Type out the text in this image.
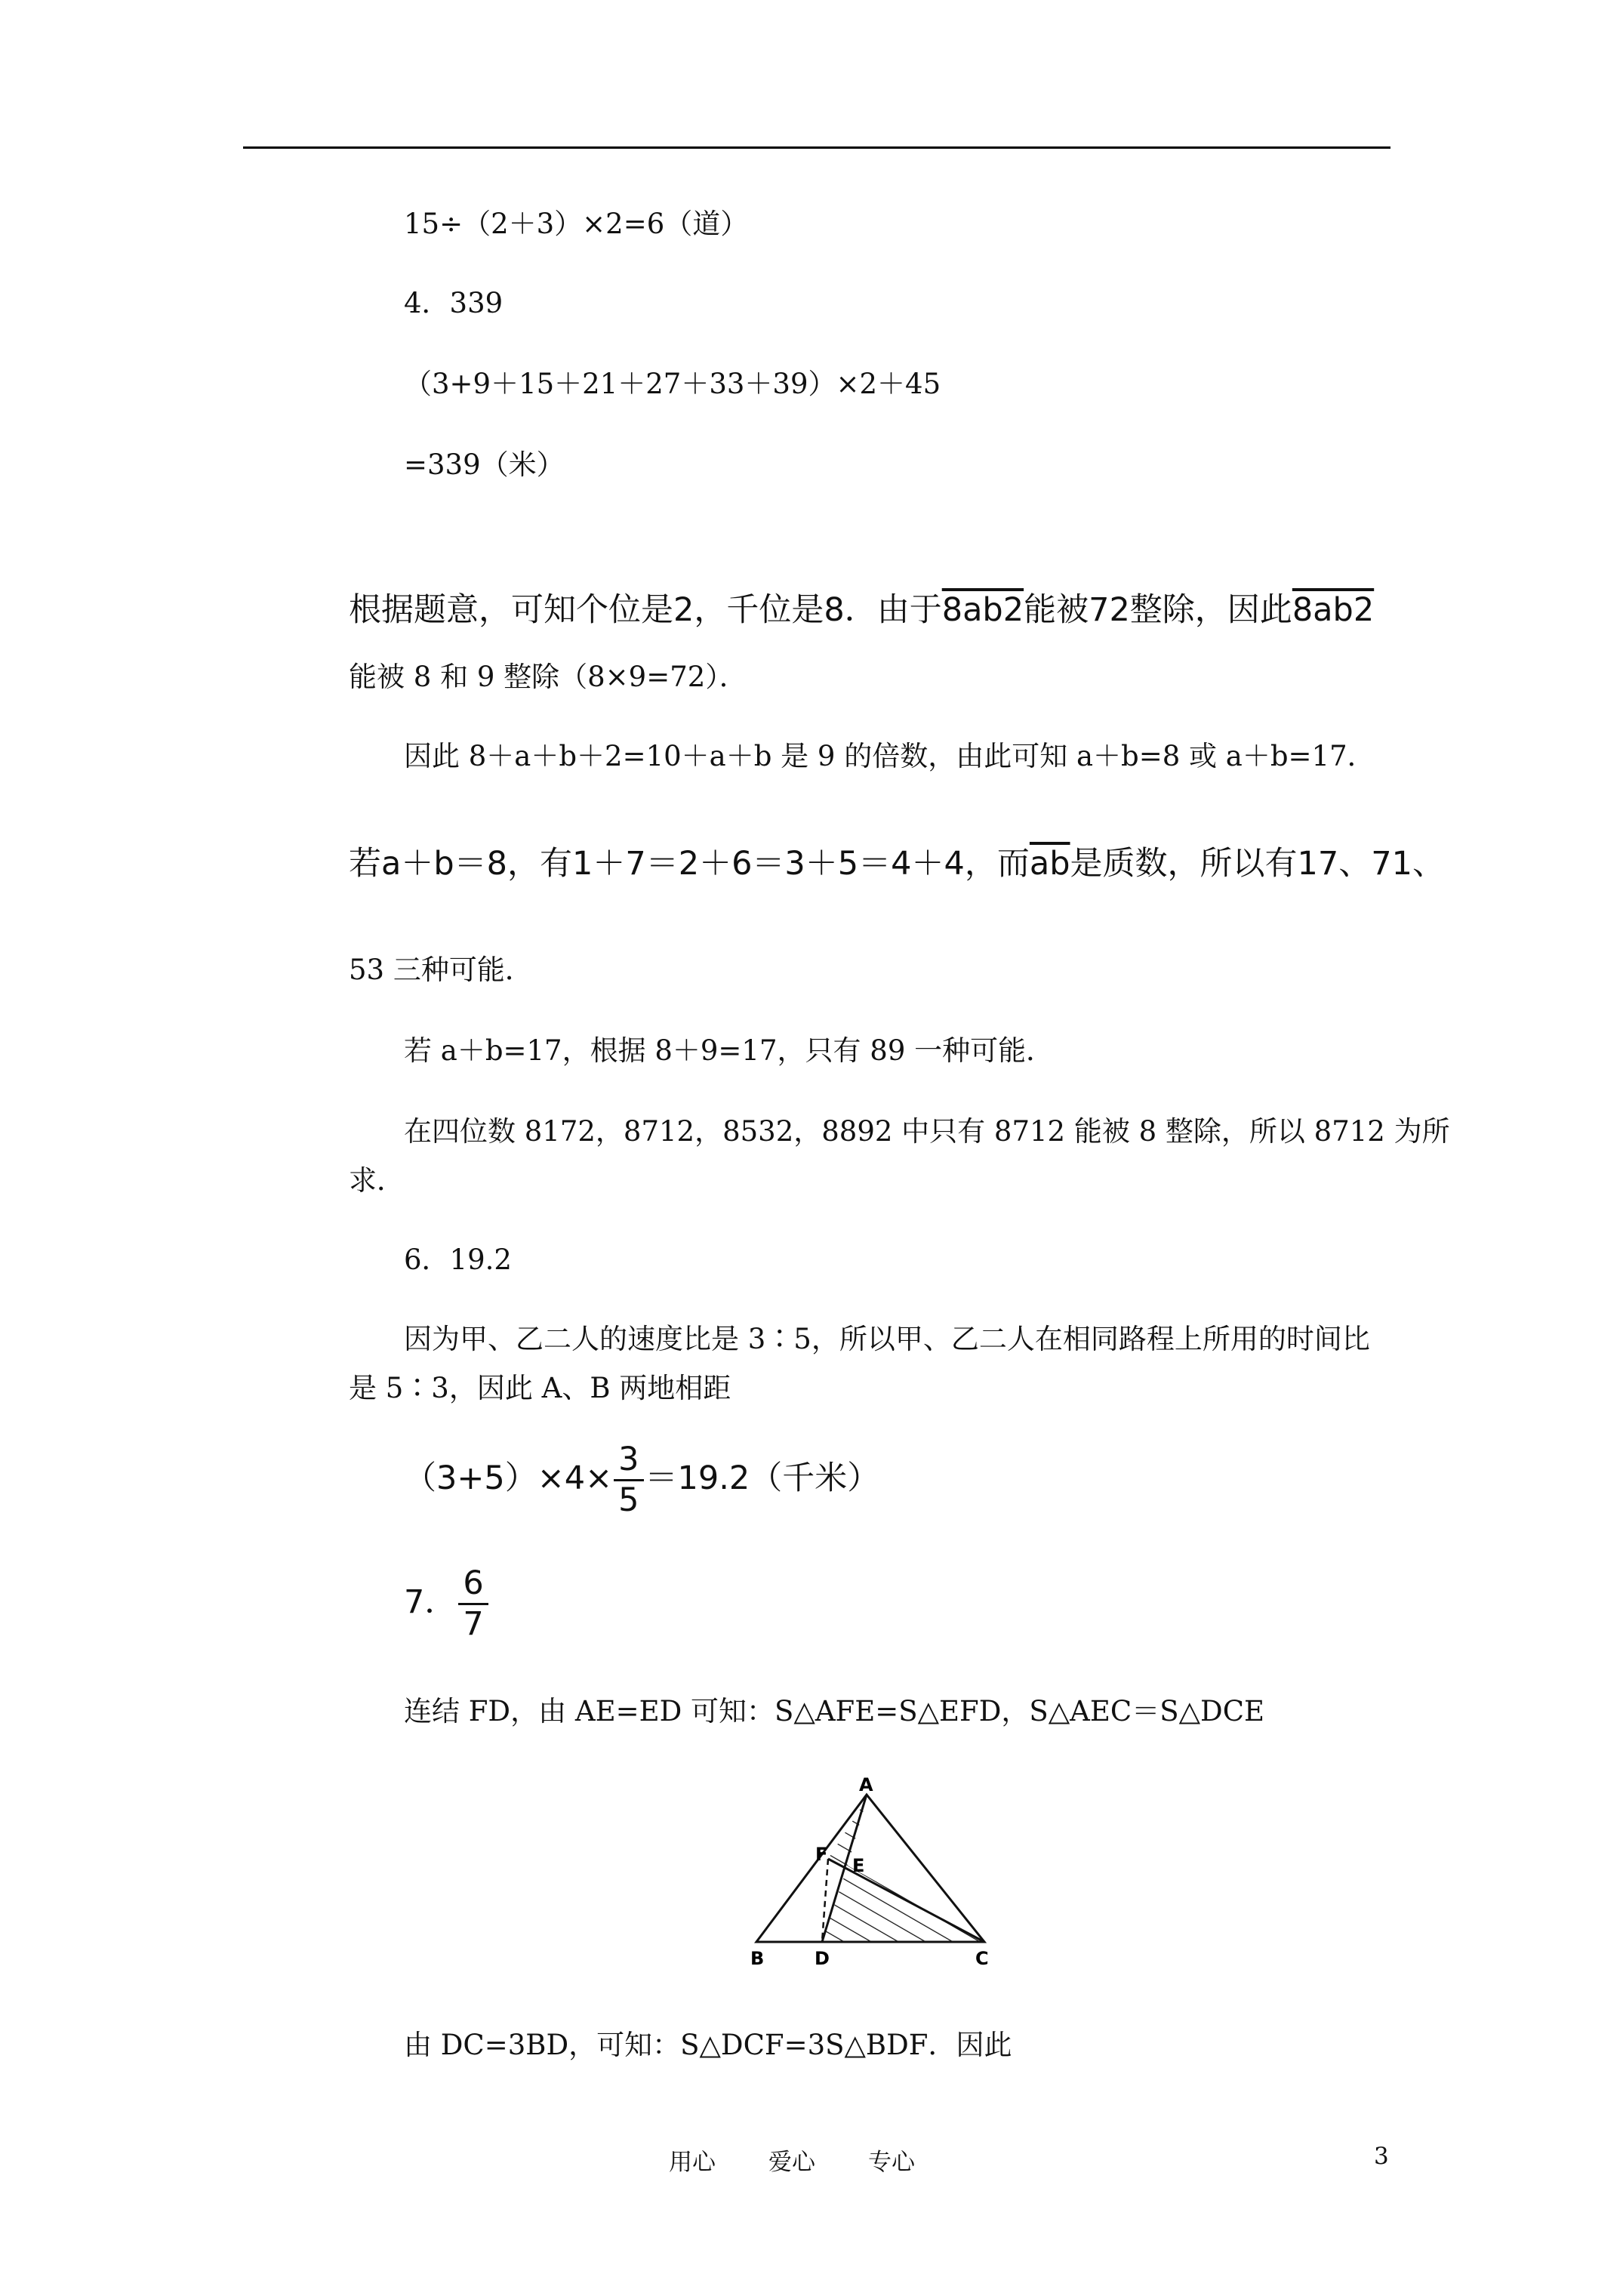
15÷（2＋3）×2=6（道）
4．339
（3+9＋15＋21＋27＋33＋39）×2＋45
=339（米）
根据题意，可知个位是2，千位是8．由于8ab2能被72整除，因此8ab2
能被 8 和 9 整除（8×9=72）．
因此 8＋a＋b＋2=10＋a＋b 是 9 的倍数，由此可知 a＋b=8 或 a＋b=17．
若a＋b＝8，有1＋7＝2＋6＝3＋5＝4＋4，而$\overline{ab}$是质数，所以有17、71、
53 三种可能．
若 a＋b=17，根据 8＋9=17，只有 89 一种可能．
在四位数 8172，8712，8532，8892 中只有 8712 能被 8 整除，所以 8712 为所
求．
6．19.2
因为甲、乙二人的速度比是 3∶5，所以甲、乙二人在相同路程上所用的时间比
是 5∶3，因此 A、B 两地相距
$(3+5)\times 4\times \frac{3}{5} =19.2$（千米）
7． $\frac{6}{7}$
连结 FD，由 AE=ED 可知：S△AFE=S△EFD，S△AEC＝S△DCE
A
B	C
D
E
F
由 DC=3BD，可知：S△DCF=3S△BDF．因此
用心 爱心 专心	3
